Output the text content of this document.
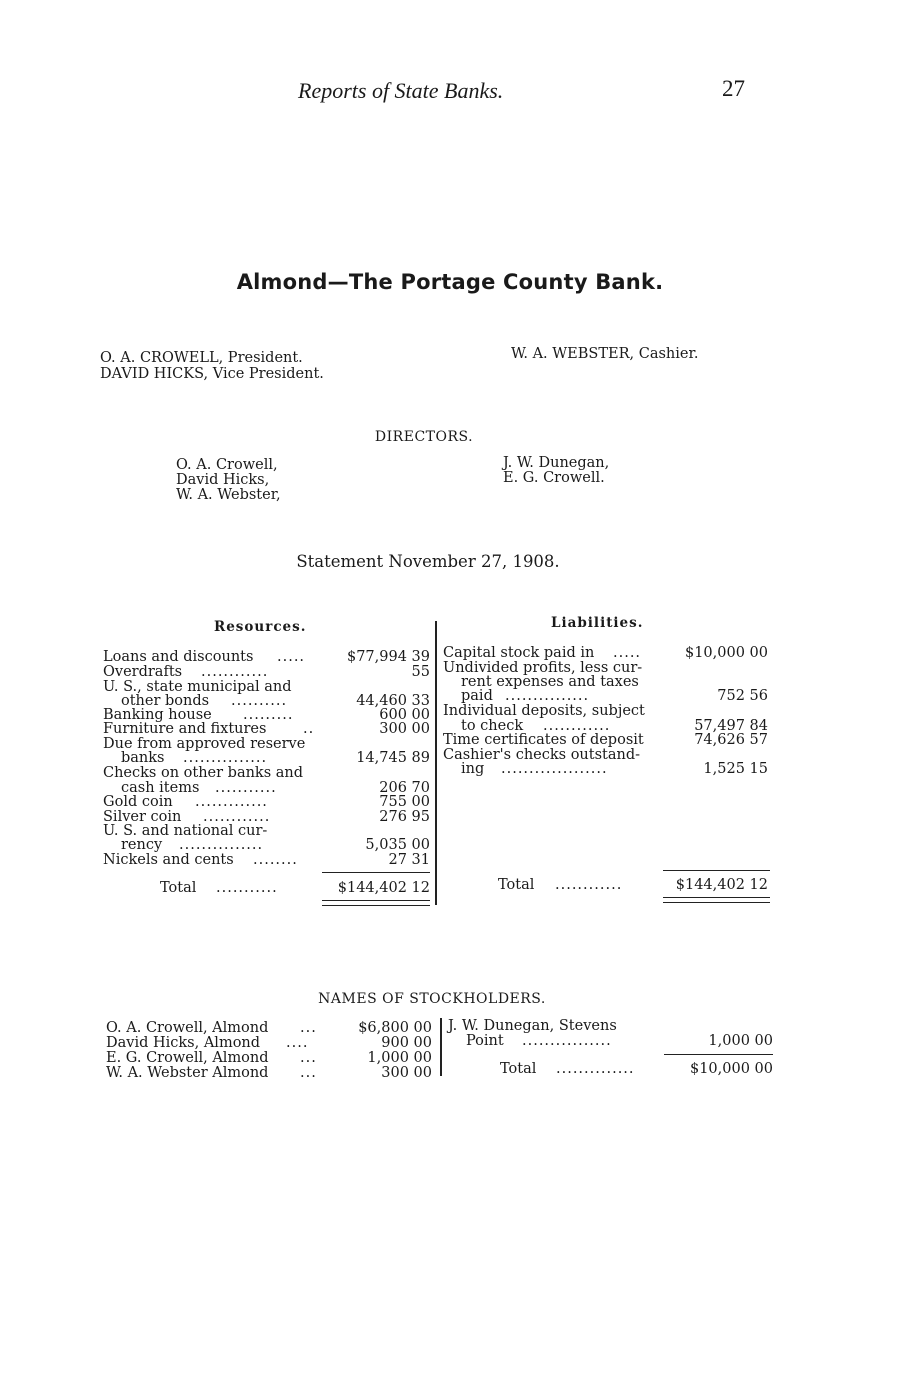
Reports of State Banks.	27
Almond—The Portage County Bank.
O. A. CROWELL, President.
DAVID HICKS, Vice President.
W. A. WEBSTER, Cashier.
DIRECTORS.
O. A. Crowell,
David Hicks,
W. A. Webster,
J. W. Dunegan,
E. G. Crowell.
Statement November 27, 1908.
Resources.	Liabilities.
Loans and discounts .....	$77,994 39
Overdrafts ............	55
U. S., state municipal and
other bonds ..........	44,460 33
Banking house .........	600 00
Furniture and fixtures	..	300 00
Due from approved reserve
banks ...............	14,745 89
Checks on other banks and
cash items ...........	206 70
Gold coin .............	755 00
Silver coin ............	276 95
U. S. and national cur-
rency ...............	5,035 00
Nickels and cents ........	27 31
Total ...........	$144,402 12
Capital stock paid in .....	$10,000 00
Undivided profits, less cur-
rent expenses and taxes
paid ...............	752 56
Individual deposits, subject
to check ............	57,497 84
Time certificates of deposit	74,626 57
Cashier's checks outstand-
ing ...................	1,525 15
Total ............	$144,402 12
NAMES OF STOCKHOLDERS.
O. A. Crowell, Almond ...	$6,800 00
David Hicks, Almond ....	900 00
E. G. Crowell, Almond ...	1,000 00
W. A. Webster Almond ...	300 00
J. W. Dunegan, Stevens
Point ................	1,000 00
Total ..............	$10,000 00
